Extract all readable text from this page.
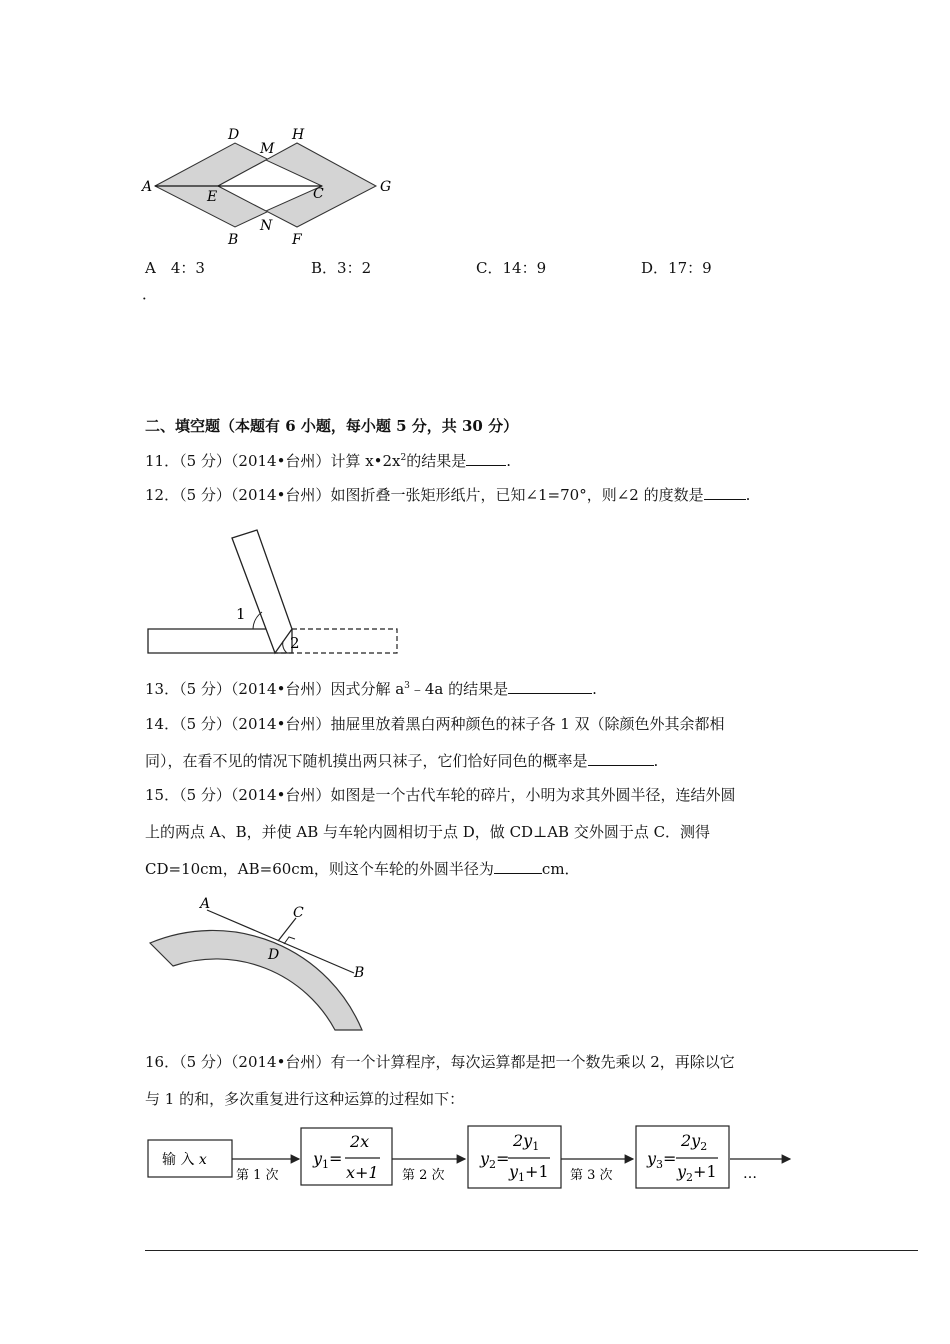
D
M
H
A
E	C	G
B
N
F
A　 4：3	B．3：2	C．14：9	D．17：9
．
二、填空题（本题有 6 小题，每小题 5 分，共 30 分）
11．（5 分）（2014•台州）计算 $x•2x^2$的结果是	.
12．（5 分）（2014•台州）如图折叠一张矩形纸片，已知∠1=70°，则∠2 的度数是	.
1
2
13．（5 分）（2014•台州）因式分解 $a^3﹣4a$ 的结果是	.
14．（5 分）（2014•台州）抽屉里放着黑白两种颜色的袜子各 1 双（除颜色外其余都相
同），在看不见的情况下随机摸出两只袜子，它们恰好同色的概率是	.
15．（5 分）（2014•台州）如图是一个古代车轮的碎片，小明为求其外圆半径，连结外圆
上的两点 A、B，并使 AB 与车轮内圆相切于点 D，做 CD⊥AB 交外圆于点 C．测得
CD=10cm，AB=60cm，则这个车轮的外圆半径为	cm．
A
C
D
B
16．（5 分）（2014•台州）有一个计算程序，每次运算都是把一个数先乘以 2，再除以它
与 1 的和，多次重复进行这种运算的过程如下：
输 入 x
第 1 次	第 2 次	第 3 次	…
$y_1=$
2x
x+1
$y_2=$
$2y_1$
$y_1+1$
$y_3=$
$2y_2$
$y_2+1$
